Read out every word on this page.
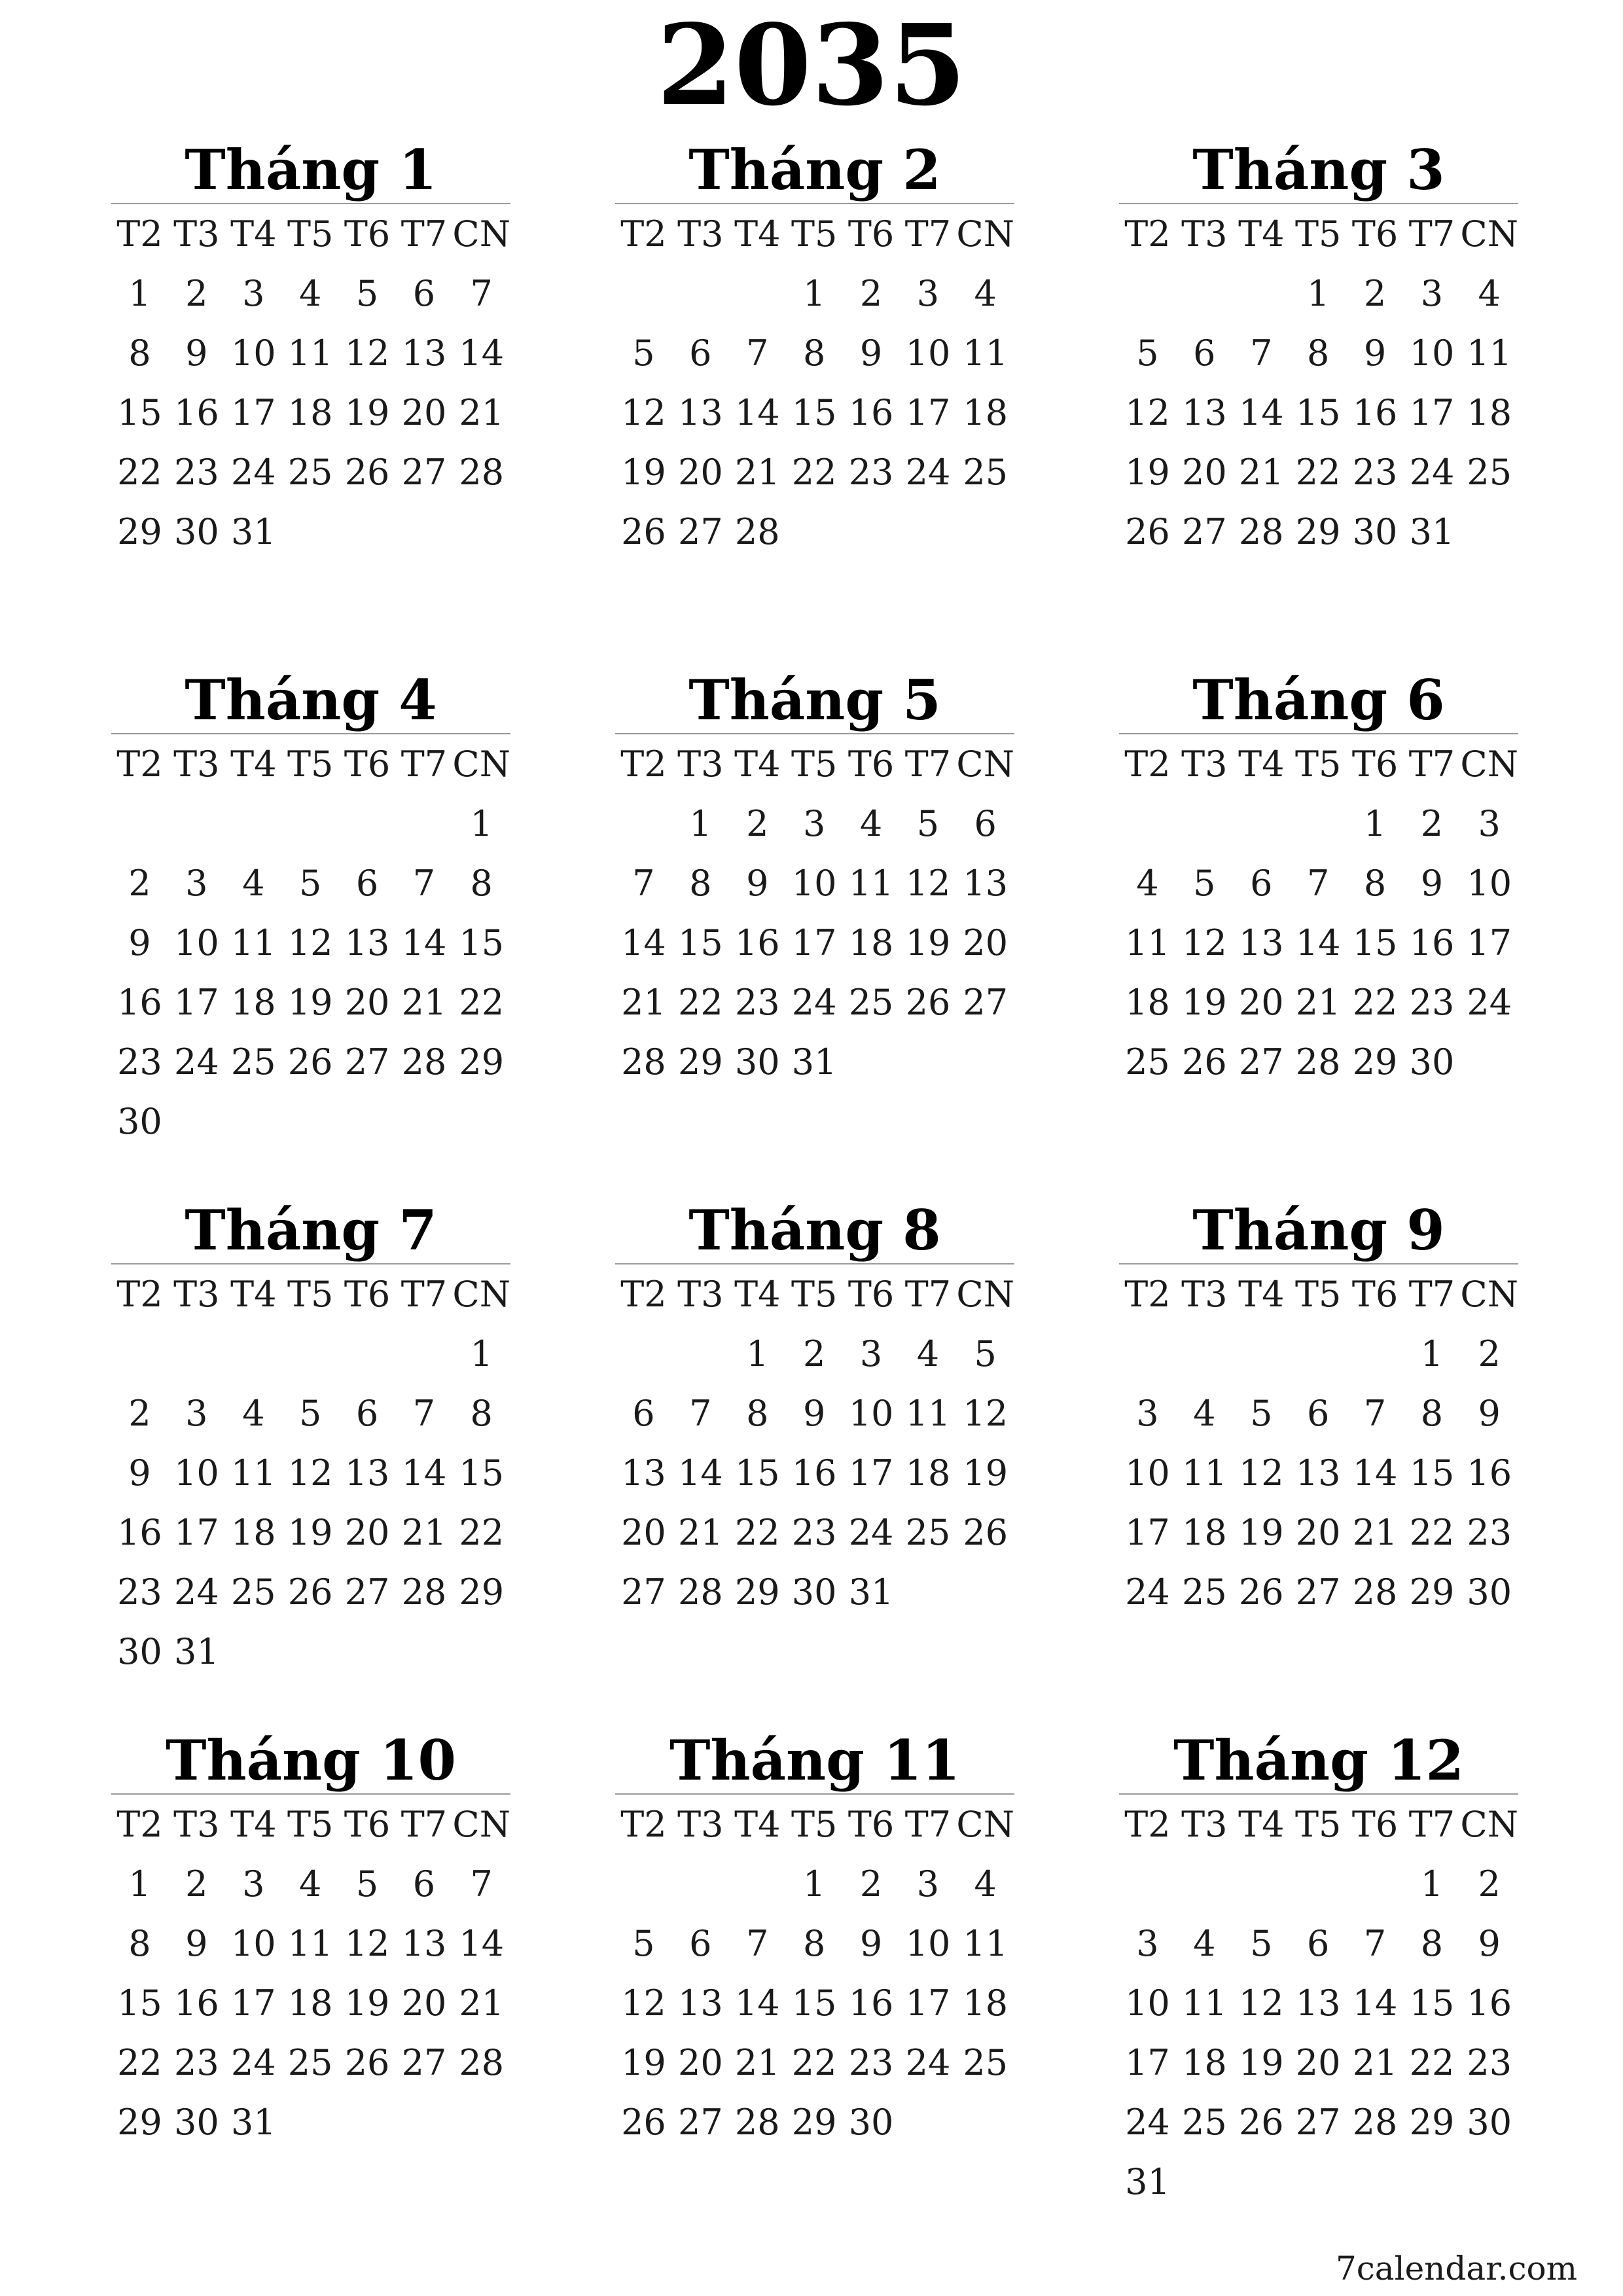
2035
Tháng 1
T2 T3 T4 T5 T6 T7 CN
1 2 3 4 5 6 7
8 9 10 11 12 13 14
15 16 17 18 19 20 21
22 23 24 25 26 27 28
29 30 31
Tháng 2
T2 T3 T4 T5 T6 T7 CN
1 2 3 4
5 6 7 8 9 10 11
12 13 14 15 16 17 18
19 20 21 22 23 24 25
26 27 28
Tháng 3
T2 T3 T4 T5 T6 T7 CN
1 2 3 4
5 6 7 8 9 10 11
12 13 14 15 16 17 18
19 20 21 22 23 24 25
26 27 28 29 30 31
Tháng 4
T2 T3 T4 T5 T6 T7 CN
1
2 3 4 5 6 7 8
9 10 11 12 13 14 15
16 17 18 19 20 21 22
23 24 25 26 27 28 29
30
Tháng 5
T2 T3 T4 T5 T6 T7 CN
1 2 3 4 5 6
7 8 9 10 11 12 13
14 15 16 17 18 19 20
21 22 23 24 25 26 27
28 29 30 31
Tháng 6
T2 T3 T4 T5 T6 T7 CN
1 2 3
4 5 6 7 8 9 10
11 12 13 14 15 16 17
18 19 20 21 22 23 24
25 26 27 28 29 30
Tháng 7
T2 T3 T4 T5 T6 T7 CN
1
2 3 4 5 6 7 8
9 10 11 12 13 14 15
16 17 18 19 20 21 22
23 24 25 26 27 28 29
30 31
Tháng 8
T2 T3 T4 T5 T6 T7 CN
1 2 3 4 5
6 7 8 9 10 11 12
13 14 15 16 17 18 19
20 21 22 23 24 25 26
27 28 29 30 31
Tháng 9
T2 T3 T4 T5 T6 T7 CN
1 2
3 4 5 6 7 8 9
10 11 12 13 14 15 16
17 18 19 20 21 22 23
24 25 26 27 28 29 30
Tháng 10
T2 T3 T4 T5 T6 T7 CN
1 2 3 4 5 6 7
8 9 10 11 12 13 14
15 16 17 18 19 20 21
22 23 24 25 26 27 28
29 30 31
Tháng 11
T2 T3 T4 T5 T6 T7 CN
1 2 3 4
5 6 7 8 9 10 11
12 13 14 15 16 17 18
19 20 21 22 23 24 25
26 27 28 29 30
Tháng 12
T2 T3 T4 T5 T6 T7 CN
1 2
3 4 5 6 7 8 9
10 11 12 13 14 15 16
17 18 19 20 21 22 23
24 25 26 27 28 29 30
31
7calendar.com
